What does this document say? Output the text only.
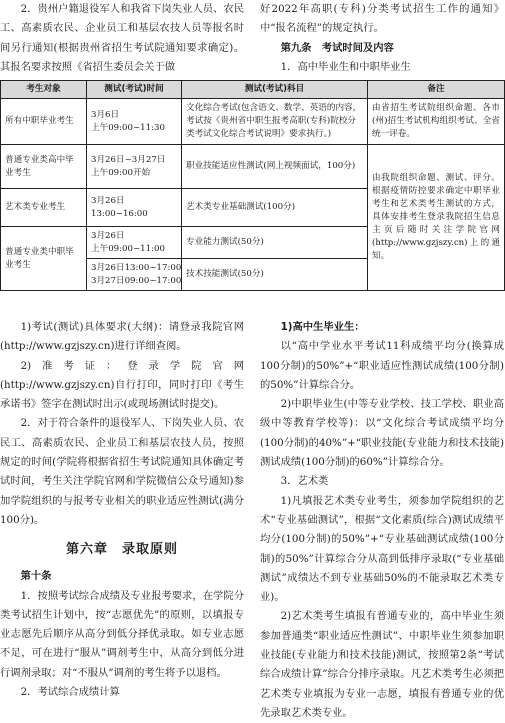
2．贵州户籍退役军人和我省下岗失业人员、农民工、高素质农民、企业员工和基层农技人员等报名时间另行通知(根据贵州省招生考试院通知要求确定)。其报名要求按照《省招生委员会关于做

好2022年高职(专科)分类考试招生工作的通知》中“报名流程”的规定执行。

第九条　考试时间及内容

1．高中毕业生和中职毕业生

考生对象	测试(考试)时间	测试(考试)科目	备注
所有中职毕业考生	3月6日
上午09:00~11:30	文化综合考试(包含语文、数学、英语的内容，考试按《贵州省中职生报考高职(专科)院校分类考试文化综合考试说明》要求执行。)	由省招生考试院组织命题、各市(州)招生考试机构组织考试、全省统一评卷。
普通专业类高中毕业考生	3月26日~3月27日
上午09:00开始	职业技能适应性测试(网上视频面试，100分)	由我院组织命题、测试、评分。根据疫情防控要求确定中职毕业考生和艺术类考生测试的方式，具体安排考生登录我院招生信息主页后随时关注学院官网(http://www.gzjszy.cn)上的通知。
艺术类专业考生	3月26日
13:00~16:00	艺术类专业基础测试(100分)	
普通专业类中职毕业考生	3月26日
上午09:00~11:00	专业能力测试(50分)	

	3月26日13:00~17:00
3月27日09:00~17:00	技术技能测试(50分)	

1)考试(测试)具体要求(大纲)：请登录我院官网(http://www.gzjszy.cn)进行详细查阅。

2)准考证：登录学院官网(http://www.gzjszy.cn)自行打印，同时打印《考生承诺书》签字在测试时出示(或现场测试时提交)。

2．对于符合条件的退役军人、下岗失业人员、农民工、高素质农民、企业员工和基层农技人员，按照规定的时间(学院将根据省招生考试院通知具体确定考试时间，考生关注学院官网和学院微信公众号通知)参加学院组织的与报考专业相关的职业适应性测试(满分100分)。

第六章　录取原则

第十条

1．按照考试综合成绩及专业报考要求，在学院分类考试招生计划中，按“志愿优先”的原则，以填报专业志愿先后顺序从高分到低分择优录取。如专业志愿不足，可在进行“服从”调剂考生中，从高分到低分进行调剂录取；对“不服从”调剂的考生将予以退档。

2．考试综合成绩计算

1)高中生毕业生：

以“高中学业水平考试11科成绩平均分(换算成100分制)的50%”+“职业适应性测试成绩(100分制)的50%”计算综合分。

2)中职毕业生(中等专业学校、技工学校、职业高级中等教育学校等)：以“文化综合考试成绩平均分(100分制)的40%”+“职业技能(专业能力和技术技能)测试成绩(100分制)的60%”计算综合分。

3．艺术类

1)凡填报艺术类专业考生，须参加学院组织的艺术“专业基础测试”，根据“文化素质(综合)测试成绩平均分(100分制)的50%”+“专业基础测试成绩(100分制)的50%”计算综合分从高到低排序录取(“专业基础测试”成绩达不到专业基础50%的不能录取艺术类专业)。

2)艺术类考生填报有普通专业的，高中毕业生须参加普通类“职业适应性测试”、中职毕业生须参加职业技能(专业能力和技术技能)测试，按照第2条“考试综合成绩计算”综合分排序录取。凡艺术类考生必须把艺术类专业填报为专业一志愿，填报有普通专业的优先录取艺术类专业。
